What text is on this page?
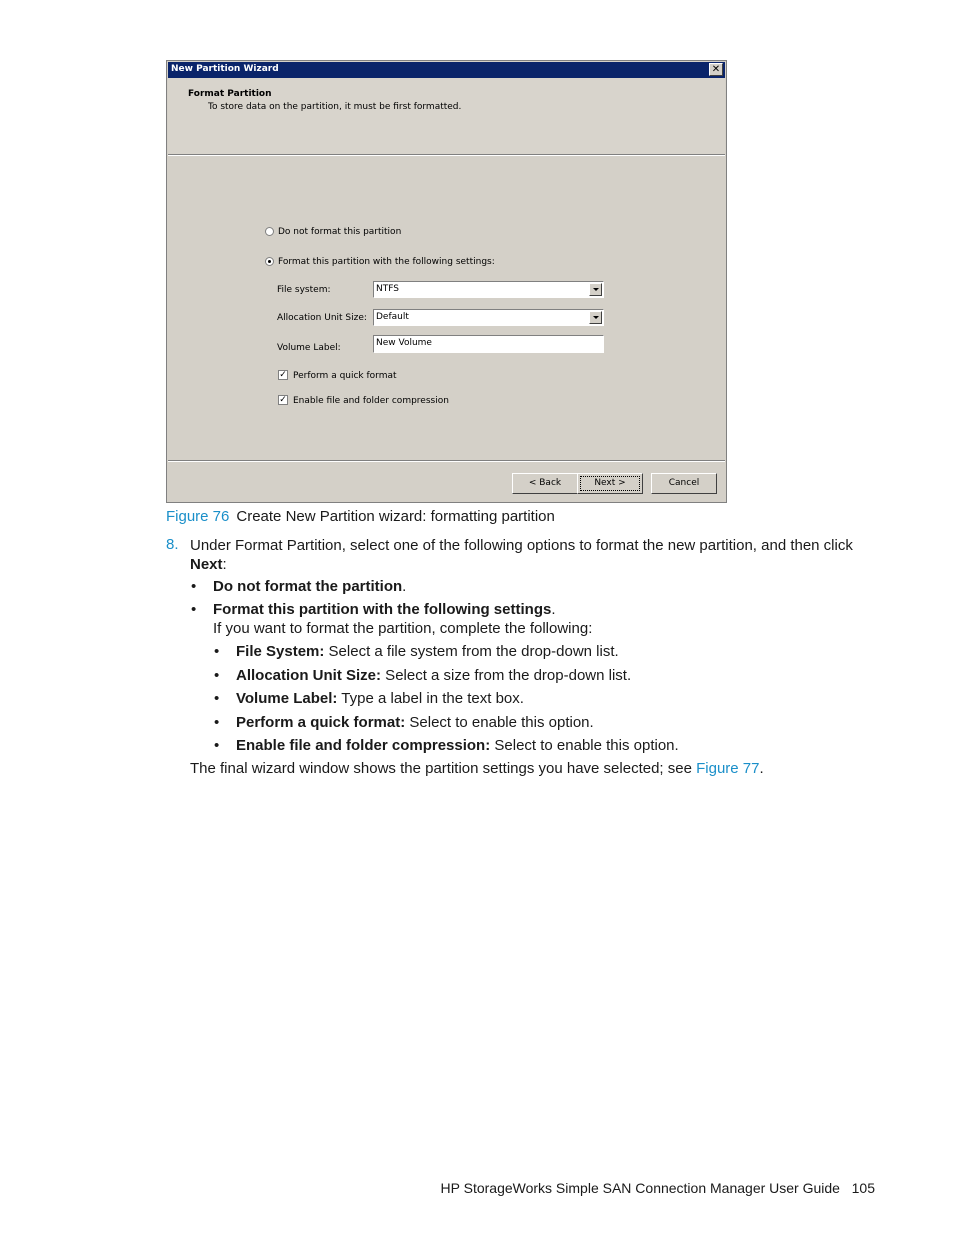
New Partition Wizard	✕
Format Partition
To store data on the partition, it must be first formatted.
Do not format this partition
Format this partition with the following settings:
File system:	NTFS
Allocation Unit Size: Default
Volume Label:	New Volume
✓ Perform a quick format
✓ Enable file and folder compression
< Back	Next >	Cancel
Figure 76 Create New Partition wizard: formatting partition
8. Under Format Partition, select one of the following options to format the new partition, and then click Next:
• Do not format the partition.
• Format this partition with the following settings.
If you want to format the partition, complete the following:
• File System: Select a file system from the drop-down list.
• Allocation Unit Size: Select a size from the drop-down list.
• Volume Label: Type a label in the text box.
• Perform a quick format: Select to enable this option.
• Enable file and folder compression: Select to enable this option.
The final wizard window shows the partition settings you have selected; see Figure 77.
HP StorageWorks Simple SAN Connection Manager User Guide 105
